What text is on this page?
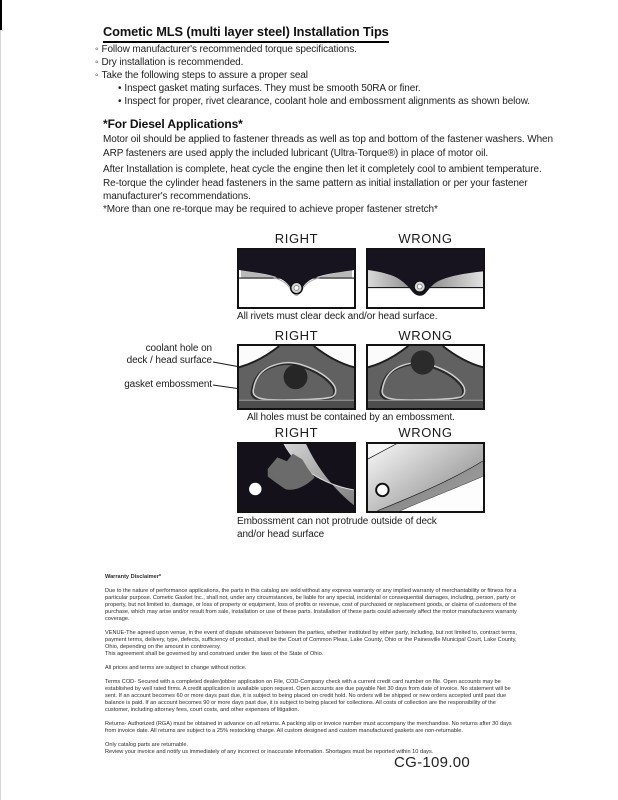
Cometic MLS (multi layer steel) Installation Tips
◦ Follow manufacturer's recommended torque specifications.
◦ Dry installation is recommended.
◦ Take the following steps to assure a proper seal
• Inspect gasket mating surfaces. They must be smooth 50RA or finer.
• Inspect for proper, rivet clearance, coolant hole and embossment alignments as shown below.
*For Diesel Applications*
Motor oil should be applied to fastener threads as well as top and bottom of the fastener washers. When ARP fasteners are used apply the included lubricant (Ultra-Torque®) in place of motor oil.
After Installation is complete, heat cycle the engine then let it completely cool to ambient temperature. Re-torque the cylinder head fasteners in the same pattern as initial installation or per your fastener manufacturer's recommendations.
*More than one re-torque may be required to achieve proper fastener stretch*
RIGHT	WRONG
All rivets must clear deck and/or head surface.
RIGHT	WRONG
coolant hole on
deck / head surface
gasket embossment
All holes must be contained by an embossment.
RIGHT	WRONG
Embossment can not protrude outside of deck and/or head surface

Warranty Disclaimer*

Due to the nature of performance applications, the parts in this catalog are sold without any express warranty or any implied warranty of merchantability or fitness for a particular purpose. Cometic Gasket Inc., shall not, under any circumstances, be liable for any special, incidental or consequential damages, including, person, party or property, but not limited to, damage, or loss of property or equipment, loss of profits or revenue, cost of purchased or replacement goods, or claims of customers of the purchase, which may arise and/or result from sale, installation or use of these parts. Installation of these parts could adversely affect the motor manufacturers warranty coverage.

VENUE-The agreed upon venue, in the event of dispute whatsoever between the parties, whether instituted by either party, including, but not limited to, contract terms, payment terms, delivery, type, defects, sufficiency of product, shall be the Court of Common Pleas, Lake County, Ohio or the Painesville Municipal Court, Lake County, Ohio, depending on the amount in controversy.

This agreement shall be governed by and construed under the laws of the State of Ohio.

All prices and terms are subject to change without notice.

Terms COD- Secured with a completed dealer/jobber application on File, COD-Company check with a current credit card number on file. Open accounts may be established by well rated firms. A credit application is available upon request. Open accounts are due payable Net 30 days from date of invoice. No statement will be sent. If an account becomes 60 or more days past due, it is subject to being placed on credit hold. No orders will be shipped or new orders accepted until past due balance is paid. If an account becomes 90 or more days past due, it is subject to being placed for collections. All costs of collection are the responsibility of the customer, including attorney fees, court costs, and other expenses of litigation.

Returns- Authorized (RGA) must be obtained in advance on all returns. A packing slip or invoice number must accompany the merchandise. No returns after 30 days from invoice date. All returns are subject to a 25% restocking charge. All custom designed and custom manufactured gaskets are non-returnable.

Only catalog parts are returnable.

Review your invoice and notify us immediately of any incorrect or inaccurate information. Shortages must be reported within 10 days.

CG-109.00
